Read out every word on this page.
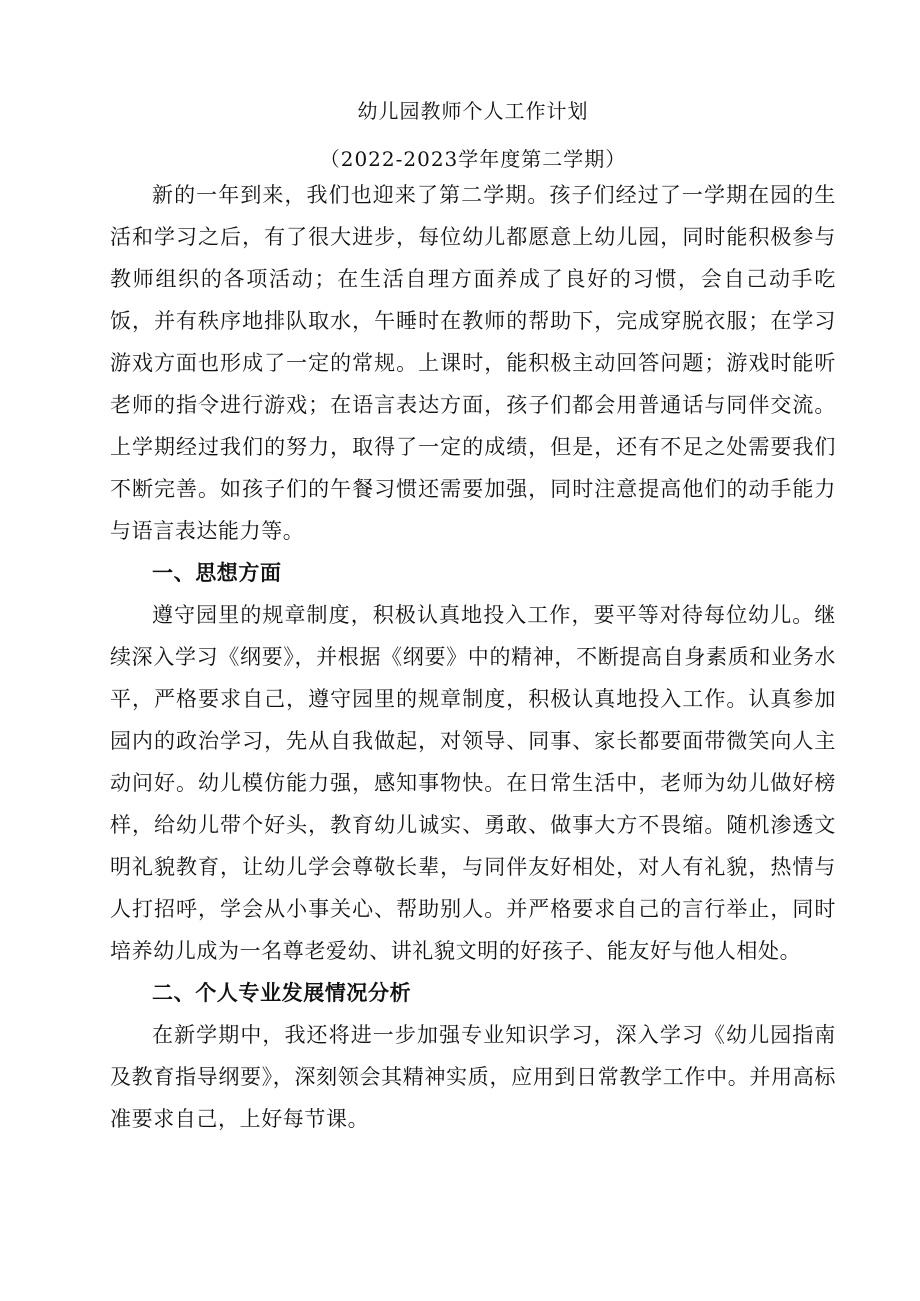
幼儿园教师个人工作计划
（2022-2023学年度第二学期）

新的一年到来，我们也迎来了第二学期。孩子们经过了一学期在园的生活和学习之后，有了很大进步，每位幼儿都愿意上幼儿园，同时能积极参与教师组织的各项活动；在生活自理方面养成了良好的习惯，会自己动手吃饭，并有秩序地排队取水，午睡时在教师的帮助下，完成穿脱衣服；在学习游戏方面也形成了一定的常规。上课时，能积极主动回答问题；游戏时能听老师的指令进行游戏；在语言表达方面，孩子们都会用普通话与同伴交流。上学期经过我们的努力，取得了一定的成绩，但是，还有不足之处需要我们不断完善。如孩子们的午餐习惯还需要加强，同时注意提高他们的动手能力与语言表达能力等。

一、思想方面

遵守园里的规章制度，积极认真地投入工作，要平等对待每位幼儿。继续深入学习《纲要》，并根据《纲要》中的精神，不断提高自身素质和业务水平，严格要求自己，遵守园里的规章制度，积极认真地投入工作。认真参加园内的政治学习，先从自我做起，对领导、同事、家长都要面带微笑向人主动问好。幼儿模仿能力强，感知事物快。在日常生活中，老师为幼儿做好榜样，给幼儿带个好头，教育幼儿诚实、勇敢、做事大方不畏缩。随机渗透文明礼貌教育，让幼儿学会尊敬长辈，与同伴友好相处，对人有礼貌，热情与人打招呼，学会从小事关心、帮助别人。并严格要求自己的言行举止，同时培养幼儿成为一名尊老爱幼、讲礼貌文明的好孩子、能友好与他人相处。

二、个人专业发展情况分析

在新学期中，我还将进一步加强专业知识学习，深入学习《幼儿园指南及教育指导纲要》，深刻领会其精神实质，应用到日常教学工作中。并用高标准要求自己，上好每节课。
